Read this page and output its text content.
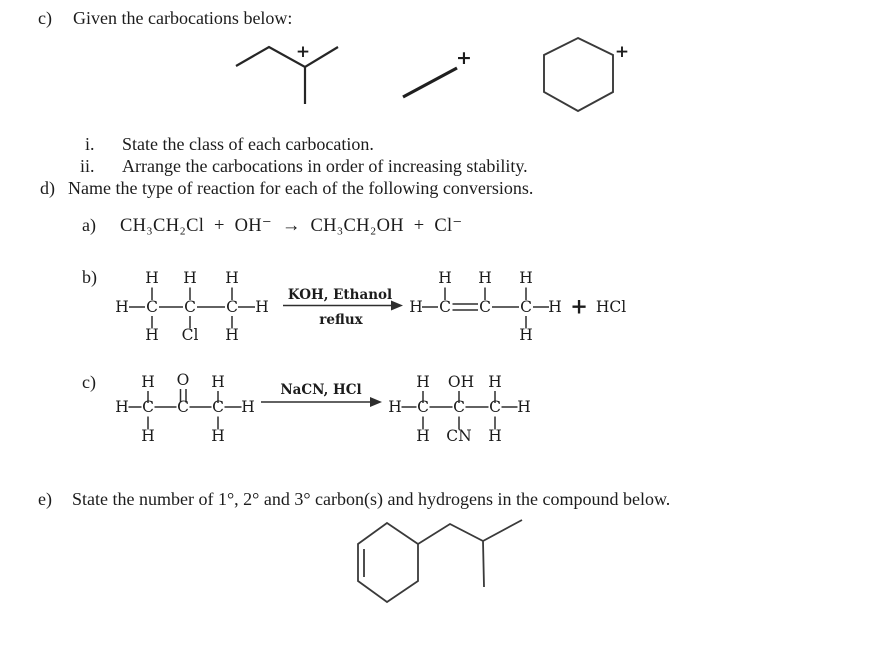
c) Given the carbocations below:
i. State the class of each carbocation.
ii. Arrange the carbocations in order of increasing stability.
d) Name the type of reaction for each of the following conversions.
a) CH₃CH₂Cl  +  OH⁻  →  CH₃CH₂OH  +  Cl⁻
b)
c)
e) State the number of 1°, 2° and 3° carbon(s) and hydrogens in the compound below.
+	+	+
H H H
H C C C H
H Cl H
KOH, Ethanol
reflux
H H H
H C C C H
H
+ HCl
H O H
H C C C H
H	H
NaCN, HCl	H OH H
H C C C H
H CN H
